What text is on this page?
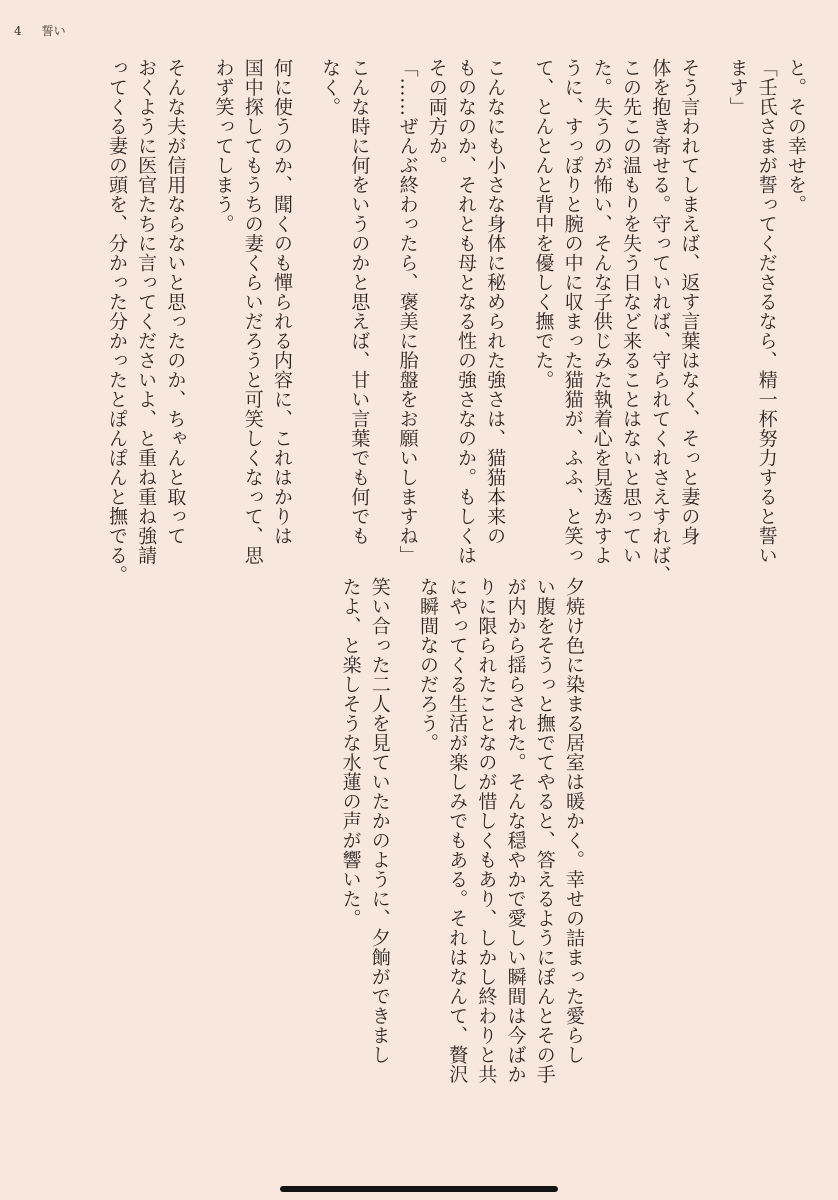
4 誓い

と。その幸せを。

「壬氏さまが誓ってくださるなら、精一杯努力すると誓い

ます」

そう言われてしまえば、返す言葉はなく、そっと妻の身

体を抱き寄せる。守っていれば、守られてくれさえすれば、

この先この温もりを失う日など来ることはないと思ってい

た。失うのが怖い、そんな子供じみた執着心を見透かすよ

うに、すっぽりと腕の中に収まった猫猫が、ふふ、と笑っ

て、とんとんと背中を優しく撫でた。

こんなにも小さな身体に秘められた強さは、猫猫本来の

ものなのか、それとも母となる性の強さなのか。もしくは

その両方か。

「……ぜんぶ終わったら、褒美に胎盤をお願いしますね」

こんな時に何をいうのかと思えば、甘い言葉でも何でも

なく。

何に使うのか、聞くのも憚られる内容に、これはかりは

国中探してもうちの妻くらいだろうと可笑しくなって、思

わず笑ってしまう。

そんな夫が信用ならないと思ったのか、ちゃんと取って

おくように医官たちに言ってくださいよ、と重ね重ね強請

ってくる妻の頭を、分かった分かったとぽんぽんと撫でる。

夕焼け色に染まる居室は暖かく。幸せの詰まった愛らし

い腹をそうっと撫でてやると、答えるようにぽんとその手

が内から揺らされた。そんな穏やかで愛しい瞬間は今ばか

りに限られたことなのが惜しくもあり、しかし終わりと共

にやってくる生活が楽しみでもある。それはなんて、贅沢

な瞬間なのだろう。

笑い合った二人を見ていたかのように、夕餉ができまし

たよ、と楽しそうな水蓮の声が響いた。
